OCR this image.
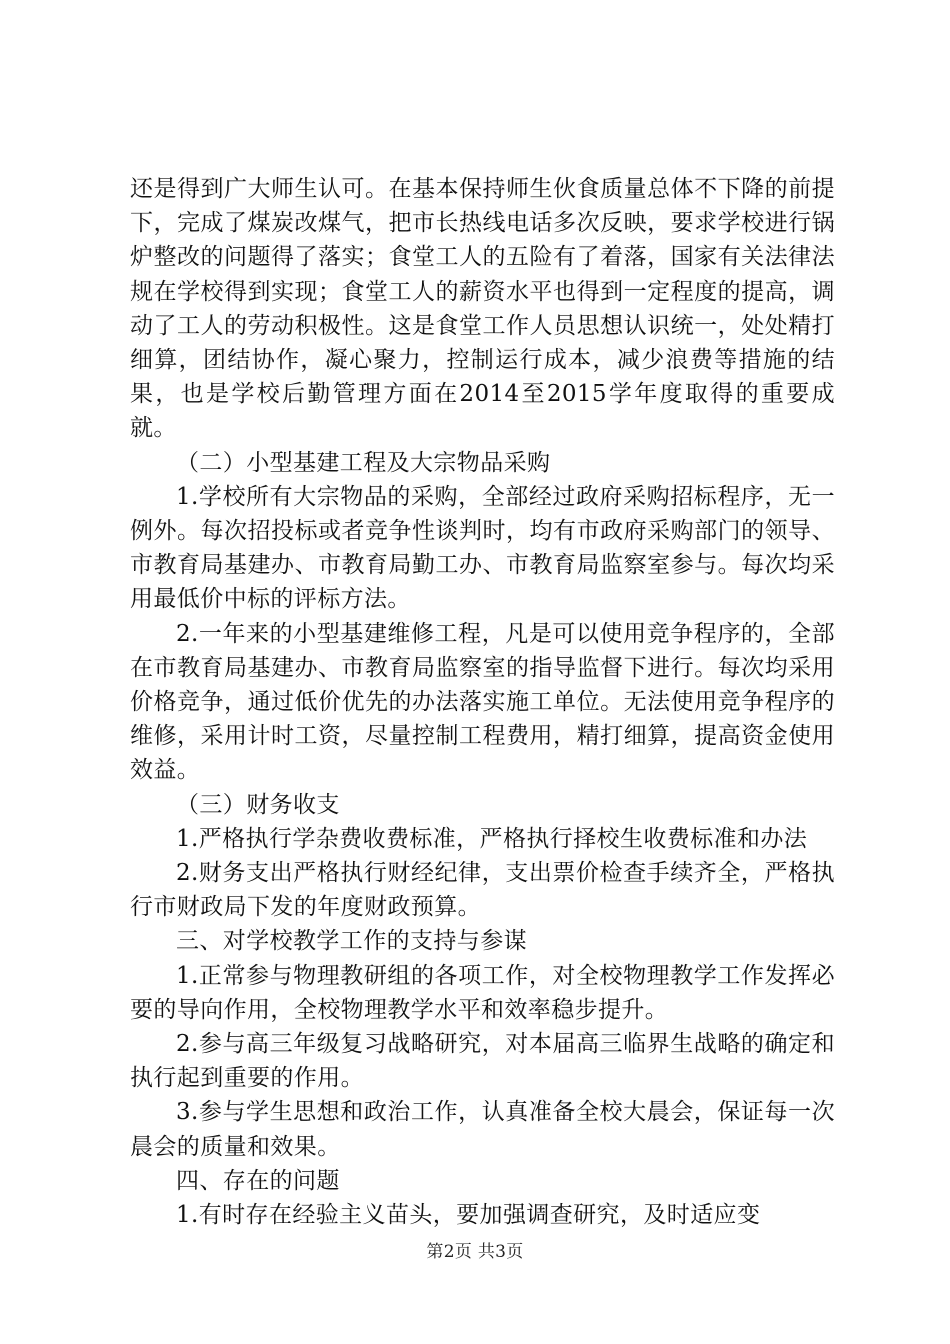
还是得到广大师生认可。在基本保持师生伙食质量总体不下降的前提下，完成了煤炭改煤气，把市长热线电话多次反映，要求学校进行锅炉整改的问题得了落实；食堂工人的五险有了着落，国家有关法律法规在学校得到实现；食堂工人的薪资水平也得到一定程度的提高，调动了工人的劳动积极性。这是食堂工作人员思想认识统一，处处精打细算，团结协作，凝心聚力，控制运行成本，减少浪费等措施的结果，也是学校后勤管理方面在2014至2015学年度取得的重要成就。

（二）小型基建工程及大宗物品采购

1.学校所有大宗物品的采购，全部经过政府采购招标程序，无一例外。每次招投标或者竞争性谈判时，均有市政府采购部门的领导、市教育局基建办、市教育局勤工办、市教育局监察室参与。每次均采用最低价中标的评标方法。

2.一年来的小型基建维修工程，凡是可以使用竞争程序的，全部在市教育局基建办、市教育局监察室的指导监督下进行。每次均采用价格竞争，通过低价优先的办法落实施工单位。无法使用竞争程序的维修，采用计时工资，尽量控制工程费用，精打细算，提高资金使用效益。

（三）财务收支

1.严格执行学杂费收费标准，严格执行择校生收费标准和办法

2.财务支出严格执行财经纪律，支出票价检查手续齐全，严格执行市财政局下发的年度财政预算。

三、对学校教学工作的支持与参谋

1.正常参与物理教研组的各项工作，对全校物理教学工作发挥必要的导向作用，全校物理教学水平和效率稳步提升。

2.参与高三年级复习战略研究，对本届高三临界生战略的确定和执行起到重要的作用。

3.参与学生思想和政治工作，认真准备全校大晨会，保证每一次晨会的质量和效果。

四、存在的问题

1.有时存在经验主义苗头，要加强调查研究，及时适应变

第2页 共3页
